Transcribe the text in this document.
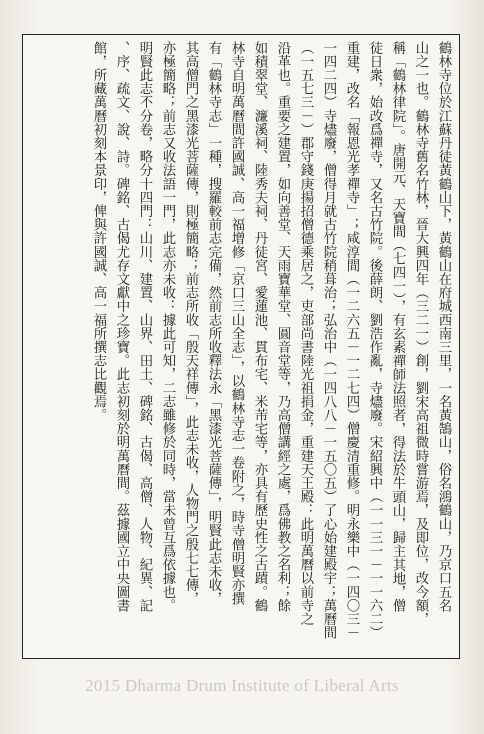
鶴林寺位於江蘇丹徒黃鶴山下，黃鶴山在府城西南三里，一名黃鵠山，俗名鴻鶴山，乃京口五名
山之一也。鶴林寺舊名竹林，晉大興四年（三二一）創，劉宋高祖微時嘗游焉，及即位，改今額，
稱「鶴林律院」。唐開元、天寶間（七四一），有玄素禪師法照者，得法於牛頭山，歸主其地，僧
徒日衆，始改爲禪寺，又名古竹院。後薛朗、劉浩作亂，寺燼廢。宋紹興中（一一三一－一一六二）
重建，改名「報恩光孝禪寺」；咸淳間（一二六五－一二七四）僧慶清重修。明永樂中（一四〇三－
一四二四）寺燼廢，僧得月就古竹院稍葺治；弘治中（一四八八－一五〇五）了心始建殿宇；萬曆間
（一五七三－）郡守錢庚揚招僧德乘居之，吏部尚書陸光祖捐金，重建天王殿：此明萬曆以前寺之
沿革也。重要之建置，如向善堂、天雨寶華堂、圓音堂等，乃高僧講經之處，爲佛教之名利；餘
如積翠堂、濂溪祠、陸秀夫祠、丹徒宮、愛蓮池、貫布宅、米芾宅等，亦具有歷史性之古蹟。鶴
林寺自明萬曆間許國誠、高一福增修「京口三山全志」，以鶴林寺志一卷附之，時寺僧明賢亦撰
有「鶴林寺志」一種，搜羅較前志完備，然前志所收釋法永「黑漆光菩薩傳」，明賢此志未收，
其高僧門之黑漆光菩薩傳，則極簡略；前志所收「殷天祥傳」，此志未收，人物門之殷七七傳，
亦極簡略；前志又收法語一門，此志亦未收：據此可知，二志雖修於同時，當未曾互爲依據也。
明賢此志不分卷，略分十四門：山川、建置、山界、田土、碑銘、古偈、高僧、人物、紀異、記
、序、疏文、說、詩。碑銘、古偈尤存文獻中之珍寶。此志初刻於明萬曆間。茲據國立中央圖書
館，所藏萬曆初刻本景印，俾與許國誠、高一福所撰志比觀焉。
2015 Dharma Drum Institute of Liberal Arts
